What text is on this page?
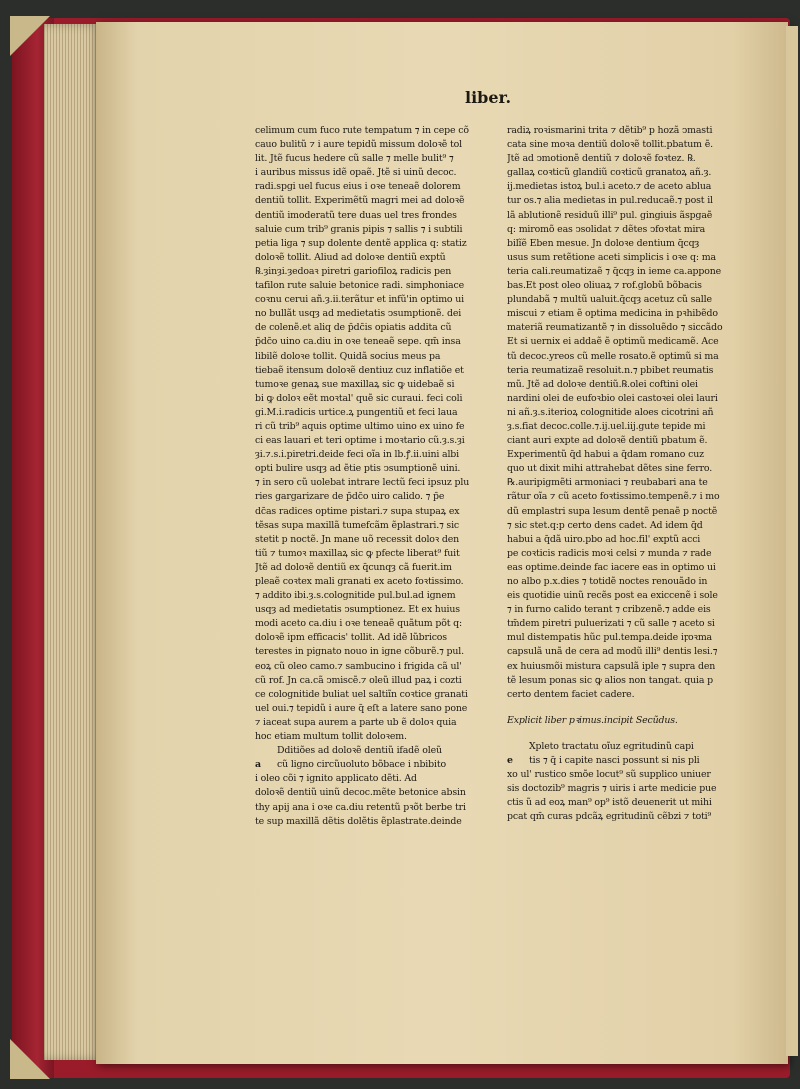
liber.
celimum cum fuco rute tempatum ⁊ in cepe cõ
cauo bulitũ ⁊ i aure tepidũ missum doloꝛẽ tol
lit. Jtẽ fucus hedere cũ salle ⁊ melle bulit⁹ ⁊
i auribus missus idẽ opaẽ. Jtẽ si uinũ decoc.
radi.spgi uel fucus eius i oꝛe teneaẽ dolorem
dentiũ tollit. Experimẽtũ magri mei ad doloꝛẽ
dentiũ imoderatũ tere duas uel tres frondes
saluie cum trib⁹ granis pipis ⁊ sallis ⁊ i subtili
petia liga ⁊ sup dolente dentẽ applica q: statiz
doloꝛẽ tollit. Aliud ad doloꝛe dentiũ exptũ
℞.ȝinȝi.ȝedoaꝛ piretri gariofiloꝝ radicis pen
tafilon rute saluie betonice radi. simphoniace
coꝛnu cerui añ.ȝ.ii.terãtur et infũ'in optimo ui
no bullãt usqȝ ad medietatis ↄsumptionẽ. dei
de colenẽ.et aliq de p̄dc̄is opiatis addita cũ
p̄dc̄o uino ca.diu in oꝛe teneaẽ sepe. qm̄ insa
libilẽ doloꝛe tollit. Quidã socius meus pa
tiebaẽ itensum doloꝛẽ dentiuz cuz inflatiõe et
tumoꝛe genaꝝ sue maxillaꝝ sic ꝙ uidebaẽ si
bi ꝙ doloꝛ eẽt moꝛtal' quẽ sic curaui. feci coli
gi.M.i.radicis urtice.ꝝ pungentiũ et feci laua
ri cũ trib⁹ aquis optime ultimo uino ex uino fe
ci eas lauari et teri optime i moꝛtario cũ.ȝ.s.ȝi
ȝi.⁊.s.i.piretri.deide feci oĩa in lb.ꝭ.ii.uini albi
opti bulire usqȝ ad ẽtie ptis ↄsumptionẽ uini.
⁊ in sero cũ uolebat intrare lectũ feci ipsuz plu
ries gargarizare de p̄dc̄o uiro calido. ⁊ p̄e
dc̄as radices optime pistari.⁊ supa stupaꝝ ex
tẽsas supa maxillã tumefcãm ẽplastrari.⁊ sic
stetit p noctẽ. Jn mane uõ recessit doloꝛ den
tiũ ⁊ tumoꝛ maxillaꝝ sic ꝙ pfecte liberat⁹ fuit
Jtẽ ad doloꝛẽ dentiũ ex q̄cunqȝ cã fuerit.im
pleaẽ coꝛtex mali granati ex aceto foꝛtissimo.
⁊ addito ibi.ȝ.s.colognitide pul.bul.ad ignem
usqȝ ad medietatis ↄsumptionez. Et ex huius
modi aceto ca.diu i oꝛe teneaẽ quãtum põt q:
doloꝛẽ ipm efficacis' tollit. Ad idẽ lũbricos
terestes in pignato nouo in igne cõburẽ.⁊ pul.
eoꝝ cũ oleo camo.⁊ sambucino i frigida cã ul'
cũ rof. Jn ca.cã ↄmiscẽ.⁊ oleũ illud paꝝ i cozti
ce colognitide buliat uel saltiĩn coꝛtice granati
uel oui.⁊ tepidũ i aure q̄ eſt a latere sano pone
⁊ iaceat supa aurem a parte ub ẽ doloꝛ quia
hoc etiam multum tollit doloꝛem.
Dditiões ad doloꝛẽ dentiũ ifadẽ oleũ
a cũ ligno circũuoluto bõbace i nbibito
i oleo cõi ⁊ ignito applicato dẽti. Ad
doloꝛẽ dentiũ uinũ decoc.mẽte betonice absin
thy apij ana i oꝛe ca.diu retentũ pꝛõt berbe tri
te sup maxillã dẽtis dolẽtis ẽplastrate.deinde
radiꝝ roꝛismarini trita ⁊ dẽtib⁹ p hozã ↄmasti
cata sine moꝛa dentiũ doloꝛẽ tollit.pbatum ẽ.
Jtẽ ad ↄmotionẽ dentiũ ⁊ doloꝛẽ foꝛtez. ℞.
gallaꝝ coꝛticũ glandiũ coꝛticũ granatoꝝ añ.ȝ.
ij.medietas istoꝝ bul.i aceto.⁊ de aceto ablua
tur os.⁊ alia medietas in pul.reducaẽ.⁊ post il
lã ablutionẽ residuũ illi⁹ pul. gingiuis ãspgaẽ
q: miromõ eas ↄsolidat ⁊ dẽtes ↄfoꝛtat mira
bilĩẽ Eben mesue. Jn doloꝛe dentium q̄cqȝ
usus sum retẽtione aceti simplicis i oꝛe q: ma
teria cali.reumatizaẽ ⁊ q̄cqȝ in ieme ca.appone
bas.Et post oleo oliuaꝝ ⁊ rof.globũ bõbacis
plundabã ⁊ multũ ualuit.q̄cqȝ acetuz cũ salle
miscui ⁊ etiam ẽ optima medicina in pꝛhibẽdo
materiã reumatizantẽ ⁊ in dissoluẽdo ⁊ siccãdo
Et si uernix ei addaẽ ẽ optimũ medicamẽ. Ace
tũ decoc.yreos cũ melle rosato.ẽ optimũ si ma
teria reumatizaẽ resoluit.n.⁊ pbibet reumatis
mũ. Jtẽ ad doloꝛe dentiũ.℞.olei coftini olei
nardini olei de eufoꝛbio olei castoꝛei olei lauri
ni añ.ȝ.s.iterioꝝ colognitide aloes cicotrini añ
ȝ.s.fiat decoc.colle.⁊.ij.uel.iij.gute tepide mi
ciant auri expte ad doloꝛẽ dentiũ pbatum ẽ.
Experimentũ q̄d habui a q̄dam romano cuz
quo ut dixit mihi attrahebat dẽtes sine ferro.
℞.auripigmẽti armoniaci ⁊ reubabari ana te
rãtur oĩa ⁊ cũ aceto foꝛtissimo.tempenẽ.⁊ i mo
dũ emplastri supa lesum dentẽ penaẽ p noctẽ
⁊ sic stet.q:p certo dens cadet. Ad idem q̄d
habui a q̄dã uiro.pbo ad hoc.fil' exptũ acci
pe coꝛticis radicis moꝛi celsi ⁊ munda ⁊ rade
eas optime.deinde fac iacere eas in optimo ui
no albo p.x.dies ⁊ totidẽ noctes renouãdo in
eis quotidie uinũ recẽs post ea exiccenẽ i sole
⁊ in furno calido terant ⁊ cribzenẽ.⁊ adde eis
tm̄dem piretri puluerizati ⁊ cũ salle ⁊ aceto si
mul distempatis hũc pul.tempa.deide iꝼoꝛma
capsulã unã de cera ad modũ illi⁹ dentis lesi.⁊
ex huiusmõi mistura capsulã iple ⁊ supra den
tẽ lesum ponas sic ꝙ alios non tangat. quia p
certo dentem faciet cadere.
Explicit liber pꝛimus.incipit Secũdus.
Xpleto tractatu oĩuz egritudinũ capi
e tis ⁊ q̄ i capite nasci possunt si nis pli
xo ul' rustico smõe locut⁹ sũ supplico uniuer
sis doctozib⁹ magris ⁊ uiris i arte medicie pue
ctis ũ ad eoꝝ man⁹ op⁹ istõ deuenerit ut mihi
pcat qm̄ curas pdcãꝝ egritudinũ cẽbzi ⁊ toti⁹
